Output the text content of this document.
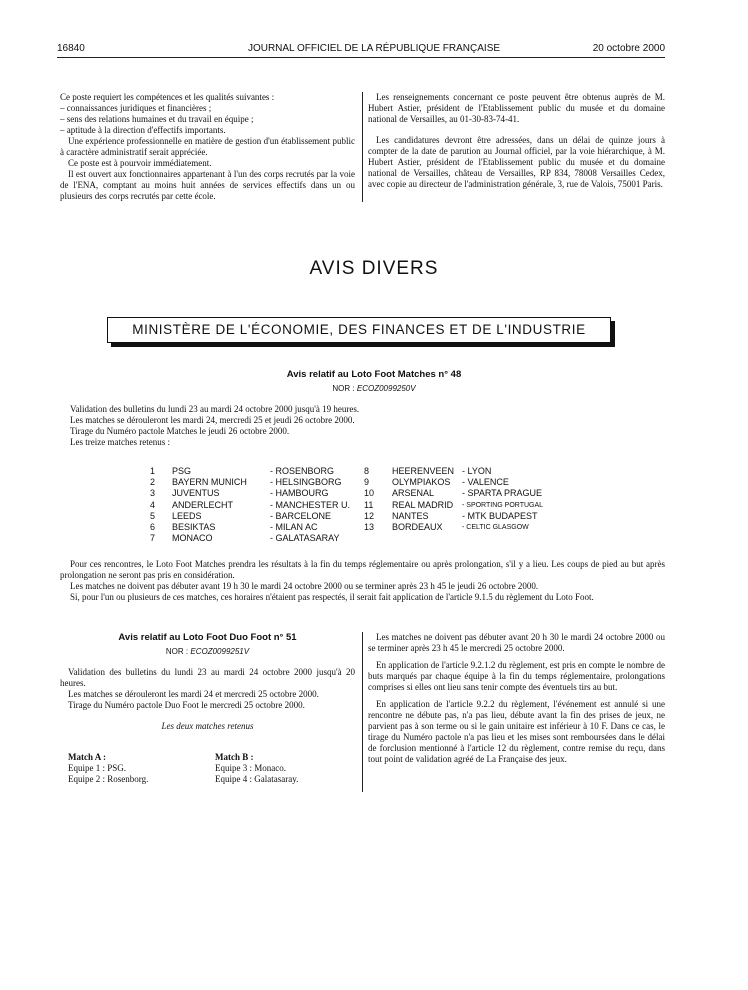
16840	JOURNAL OFFICIEL DE LA RÉPUBLIQUE FRANÇAISE	20 octobre 2000

Ce poste requiert les compétences et les qualités suivantes :

– connaissances juridiques et financières ;

– sens des relations humaines et du travail en équipe ;

– aptitude à la direction d'effectifs importants.

Une expérience professionnelle en matière de gestion d'un établissement public à caractère administratif serait appréciée.

Ce poste est à pourvoir immédiatement.

Il est ouvert aux fonctionnaires appartenant à l'un des corps recrutés par la voie de l'ENA, comptant au moins huit années de services effectifs dans un ou plusieurs des corps recrutés par cette école.

Les renseignements concernant ce poste peuvent être obtenus auprès de M. Hubert Astier, président de l'Etablissement public du musée et du domaine national de Versailles, au 01-30-83-74-41.

Les candidatures devront être adressées, dans un délai de quinze jours à compter de la date de parution au Journal officiel, par la voie hiérarchique, à M. Hubert Astier, président de l'Etablissement public du musée et du domaine national de Versailles, château de Versailles, RP 834, 78008 Versailles Cedex, avec copie au directeur de l'administration générale, 3, rue de Valois, 75001 Paris.

AVIS DIVERS
MINISTÈRE DE L'ÉCONOMIE, DES FINANCES ET DE L'INDUSTRIE
Avis relatif au Loto Foot Matches n° 48
NOR : ECOZ0099250V
Validation des bulletins du lundi 23 au mardi 24 octobre 2000 jusqu'à 19 heures.
Les matches se dérouleront les mardi 24, mercredi 25 et jeudi 26 octobre 2000.
Tirage du Numéro pactole Matches le jeudi 26 octobre 2000.
Les treize matches retenus :
1 PSG	- ROSENBORG
2 BAYERN MUNICH	- HELSINGBORG
3 JUVENTUS	- HAMBOURG
4 ANDERLECHT	- MANCHESTER U.
5 LEEDS	- BARCELONE
6 BESIKTAS	- MILAN AC
7 MONACO	- GALATASARAY
8	HEERENVEEN - LYON
9	OLYMPIAKOS - VALENCE
10 ARSENAL	- SPARTA PRAGUE
11 REAL MADRID - SPORTING PORTUGAL
12 NANTES	- MTK BUDAPEST
13 BORDEAUX	- CELTIC GLASGOW
Pour ces rencontres, le Loto Foot Matches prendra les résultats à la fin du temps réglementaire ou après prolongation, s'il y a lieu. Les coups de pied au but après prolongation ne seront pas pris en considération.
Les matches ne doivent pas débuter avant 19 h 30 le mardi 24 octobre 2000 ou se terminer après 23 h 45 le jeudi 26 octobre 2000.
Si, pour l'un ou plusieurs de ces matches, ces horaires n'étaient pas respectés, il serait fait application de l'article 9.1.5 du règlement du Loto Foot.
Avis relatif au Loto Foot Duo Foot n° 51
NOR : ECOZ0099251V

Validation des bulletins du lundi 23 au mardi 24 octobre 2000 jusqu'à 20 heures.

Les matches se dérouleront les mardi 24 et mercredi 25 octobre 2000.

Tirage du Numéro pactole Duo Foot le mercredi 25 octobre 2000.

Les deux matches retenus

Match A :
Equipe 1 : PSG.
Equipe 2 : Rosenborg.
Match B :
Equipe 3 : Monaco.
Equipe 4 : Galatasaray.

Les matches ne doivent pas débuter avant 20 h 30 le mardi 24 octobre 2000 ou se terminer après 23 h 45 le mercredi 25 octobre 2000.

En application de l'article 9.2.1.2 du règlement, est pris en compte le nombre de buts marqués par chaque équipe à la fin du temps réglementaire, prolongations comprises si elles ont lieu sans tenir compte des éventuels tirs au but.

En application de l'article 9.2.2 du règlement, l'événement est annulé si une rencontre ne débute pas, n'a pas lieu, débute avant la fin des prises de jeux, ne parvient pas à son terme ou si le gain unitaire est inférieur à 10 F. Dans ce cas, le tirage du Numéro pactole n'a pas lieu et les mises sont remboursées dans le délai de forclusion mentionné à l'article 12 du règlement, contre remise du reçu, dans tout point de validation agréé de La Française des jeux.
